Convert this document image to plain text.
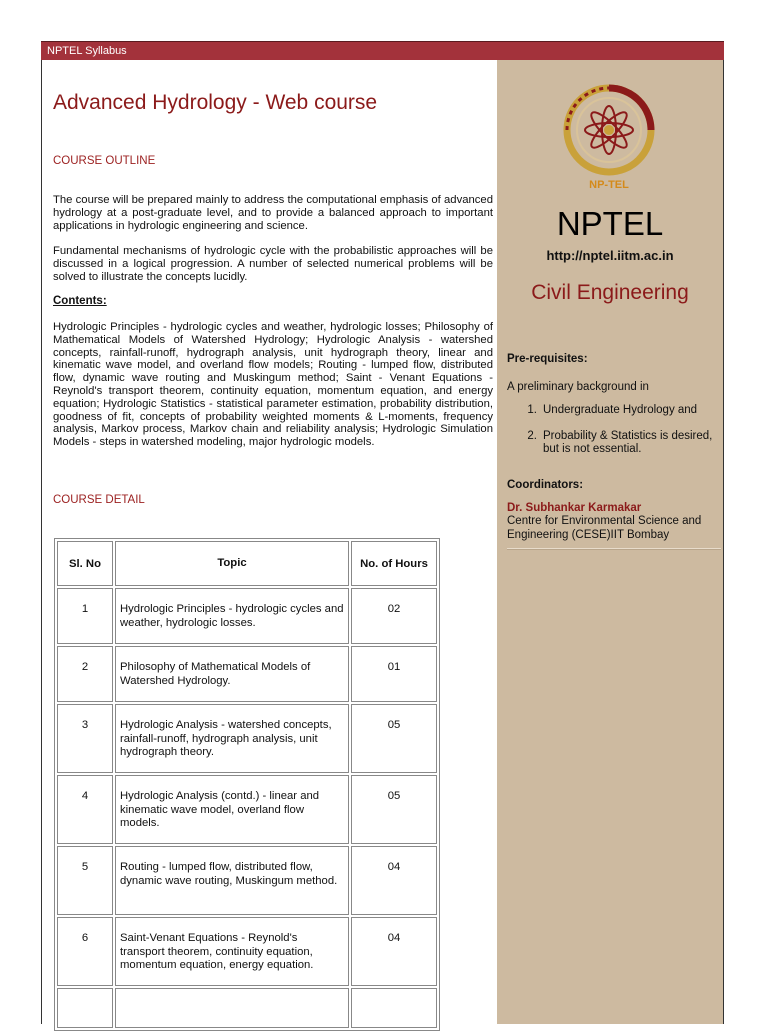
NPTEL Syllabus
Advanced Hydrology - Web course
COURSE OUTLINE
The course will be prepared mainly to address the computational emphasis of advanced hydrology at a post-graduate level, and to provide a balanced approach to important applications in hydrologic engineering and science.
Fundamental mechanisms of hydrologic cycle with the probabilistic approaches will be discussed in a logical progression. A number of selected numerical problems will be solved to illustrate the concepts lucidly.
Contents:
Hydrologic Principles - hydrologic cycles and weather, hydrologic losses; Philosophy of Mathematical Models of Watershed Hydrology; Hydrologic Analysis - watershed concepts, rainfall-runoff, hydrograph analysis, unit hydrograph theory, linear and kinematic wave model, and overland flow models; Routing - lumped flow, distributed flow, dynamic wave routing and Muskingum method; Saint - Venant Equations - Reynold's transport theorem, continuity equation, momentum equation, and energy equation; Hydrologic Statistics - statistical parameter estimation, probability distribution, goodness of fit, concepts of probability weighted moments & L-moments, frequency analysis, Markov process, Markov chain and reliability analysis; Hydrologic Simulation Models - steps in watershed modeling, major hydrologic models.
COURSE DETAIL
Sl. No	Topic	No. of Hours
1	Hydrologic Principles - hydrologic cycles and weather, hydrologic losses.	02
2	Philosophy of Mathematical Models of Watershed Hydrology.	01
3	Hydrologic Analysis - watershed concepts, rainfall-runoff, hydrograph analysis, unit hydrograph theory.	05
4	Hydrologic Analysis (contd.) - linear and kinematic wave model, overland flow models.	05
5	Routing - lumped flow, distributed flow, dynamic wave routing, Muskingum method.	04
6	Saint-Venant Equations - Reynold's transport theorem, continuity equation, momentum equation, energy equation.	04

NP-TEL
NPTEL
http://nptel.iitm.ac.in
Civil Engineering
Pre-requisites:
A preliminary background in
1. Undergraduate Hydrology and
2. Probability & Statistics is desired, but is not essential.
Coordinators:
Dr. Subhankar Karmakar
Centre for Environmental Science and Engineering (CESE)IIT Bombay
